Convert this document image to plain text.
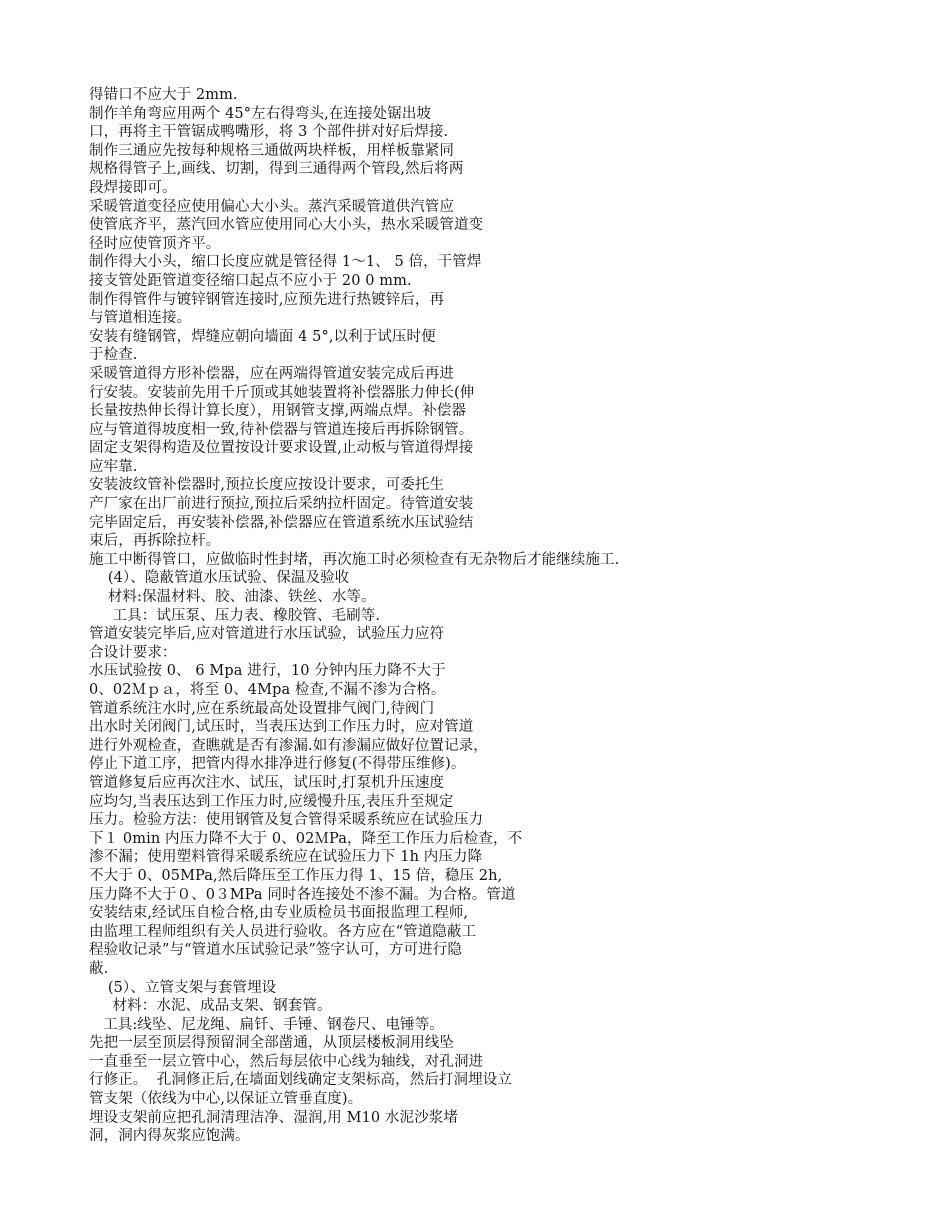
得错口不应大于 2mm.
制作羊角弯应用两个 45°左右得弯头,在连接处锯出坡
口，再将主干管锯成鸭嘴形，将 3 个部件拼对好后焊接.
制作三通应先按每种规格三通做两块样板，用样板靠紧同
规格得管子上,画线、切割，得到三通得两个管段,然后将两
段焊接即可。
采暖管道变径应使用偏心大小头。蒸汽采暖管道供汽管应
使管底齐平，蒸汽回水管应使用同心大小头，热水采暖管道变
径时应使管顶齐平。
制作得大小头，缩口长度应就是管径得 1～1、 5 倍，干管焊
接支管处距管道变径缩口起点不应小于 20 0 mm.
制作得管件与镀锌钢管连接时,应预先进行热镀锌后，再
与管道相连接。
安装有缝钢管，焊缝应朝向墙面 4 5°,以利于试压时便
于检查.
采暖管道得方形补偿器，应在两端得管道安装完成后再进
行安装。安装前先用千斤顶或其她装置将补偿器胀力伸长(伸
长量按热伸长得计算长度），用钢管支撑,两端点焊。补偿器
应与管道得坡度相一致,待补偿器与管道连接后再拆除钢管。
固定支架得构造及位置按设计要求设置,止动板与管道得焊接
应牢靠.
安装波纹管补偿器时,预拉长度应按设计要求，可委托生
产厂家在出厂前进行预拉,预拉后采纳拉杆固定。待管道安装
完毕固定后，再安装补偿器,补偿器应在管道系统水压试验结
束后，再拆除拉杆。
施工中断得管口，应做临时性封堵，再次施工时必须检查有无杂物后才能继续施工.
(4）、隐蔽管道水压试验、保温及验收
材料:保温材料、胶、油漆、铁丝、水等。
工具：试压泵、压力表、橡胶管、毛刷等.
管道安装完毕后,应对管道进行水压试验，试验压力应符
合设计要求：
水压试验按 0、 6 Mpa 进行，10 分钟内压力降不大于
0、02Ｍｐａ，将至 0、4Mpa 检查,不漏不渗为合格。
管道系统注水时,应在系统最高处设置排气阀门,待阀门
出水时关闭阀门,试压时，当表压达到工作压力时，应对管道
进行外观检查，查瞧就是否有渗漏.如有渗漏应做好位置记录，
停止下道工序，把管内得水排净进行修复(不得带压维修)。
管道修复后应再次注水、试压，试压时,打泵机升压速度
应均匀,当表压达到工作压力时,应缓慢升压,表压升至规定
压力。检验方法：使用钢管及复合管得采暖系统应在试验压力
下１ 0min 内压力降不大于 0、02ＭPa，降至工作压力后检查，不
渗不漏；使用塑料管得采暖系统应在试验压力下 1h 内压力降
不大于 0、05MPa,然后降压至工作压力得 1、15 倍，稳压 2h,
压力降不大于０、0３MPa 同时各连接处不渗不漏。为合格。管道
安装结束,经试压自检合格,由专业质检员书面报监理工程师,
由监理工程师组织有关人员进行验收。各方应在“管道隐蔽工
程验收记录”与“管道水压试验记录”签字认可，方可进行隐
蔽.
(5）、立管支架与套管埋设
材料：水泥、成品支架、钢套管。
工具:线坠、尼龙绳、扁钎、手锤、钢卷尺、电锤等。
先把一层至顶层得预留洞全部凿通，从顶层楼板洞用线坠
一直垂至一层立管中心，然后每层依中心线为轴线，对孔洞进
行修正。  孔洞修正后,在墙面划线确定支架标高，然后打洞埋设立
管支架（依线为中心,以保证立管垂直度)。
埋设支架前应把孔洞清理洁净、湿润,用 M10 水泥沙浆堵
洞，洞内得灰浆应饱满。
